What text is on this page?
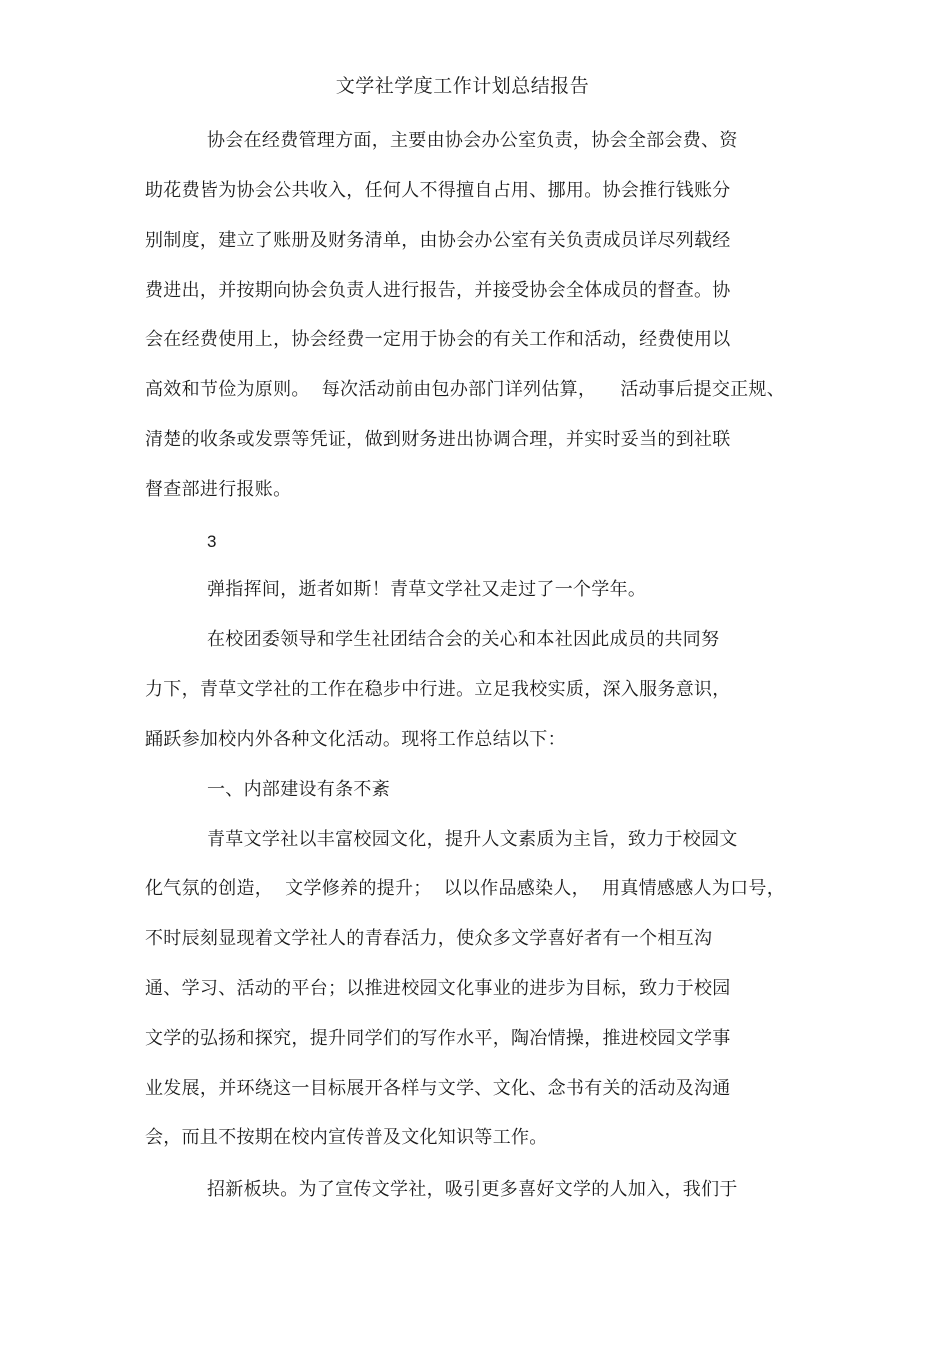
文学社学度工作计划总结报告
协会在经费管理方面，主要由协会办公室负责，协会全部会费、资
助花费皆为协会公共收入，任何人不得擅自占用、挪用。协会推行钱账分
别制度，建立了账册及财务清单，由协会办公室有关负责成员详尽列载经
费进出，并按期向协会负责人进行报告，并接受协会全体成员的督查。协
会在经费使用上，协会经费一定用于协会的有关工作和活动，经费使用以
高效和节俭为原则。  每次活动前由包办部门详列估算，    活动事后提交正规、
清楚的收条或发票等凭证，做到财务进出协调合理，并实时妥当的到社联
督查部进行报账。
3
弹指挥间，逝者如斯！青草文学社又走过了一个学年。
在校团委领导和学生社团结合会的关心和本社因此成员的共同努
力下，青草文学社的工作在稳步中行进。立足我校实质，深入服务意识，
踊跃参加校内外各种文化活动。现将工作总结以下：
一、内部建设有条不紊
青草文学社以丰富校园文化，提升人文素质为主旨，致力于校园文
化气氛的创造，  文学修养的提升；  以以作品感染人，  用真情感感人为口号，
不时辰刻显现着文学社人的青春活力，使众多文学喜好者有一个相互沟
通、学习、活动的平台；以推进校园文化事业的进步为目标，致力于校园
文学的弘扬和探究，提升同学们的写作水平，陶冶情操，推进校园文学事
业发展，并环绕这一目标展开各样与文学、文化、念书有关的活动及沟通
会，而且不按期在校内宣传普及文化知识等工作。
招新板块。为了宣传文学社，吸引更多喜好文学的人加入，我们于
